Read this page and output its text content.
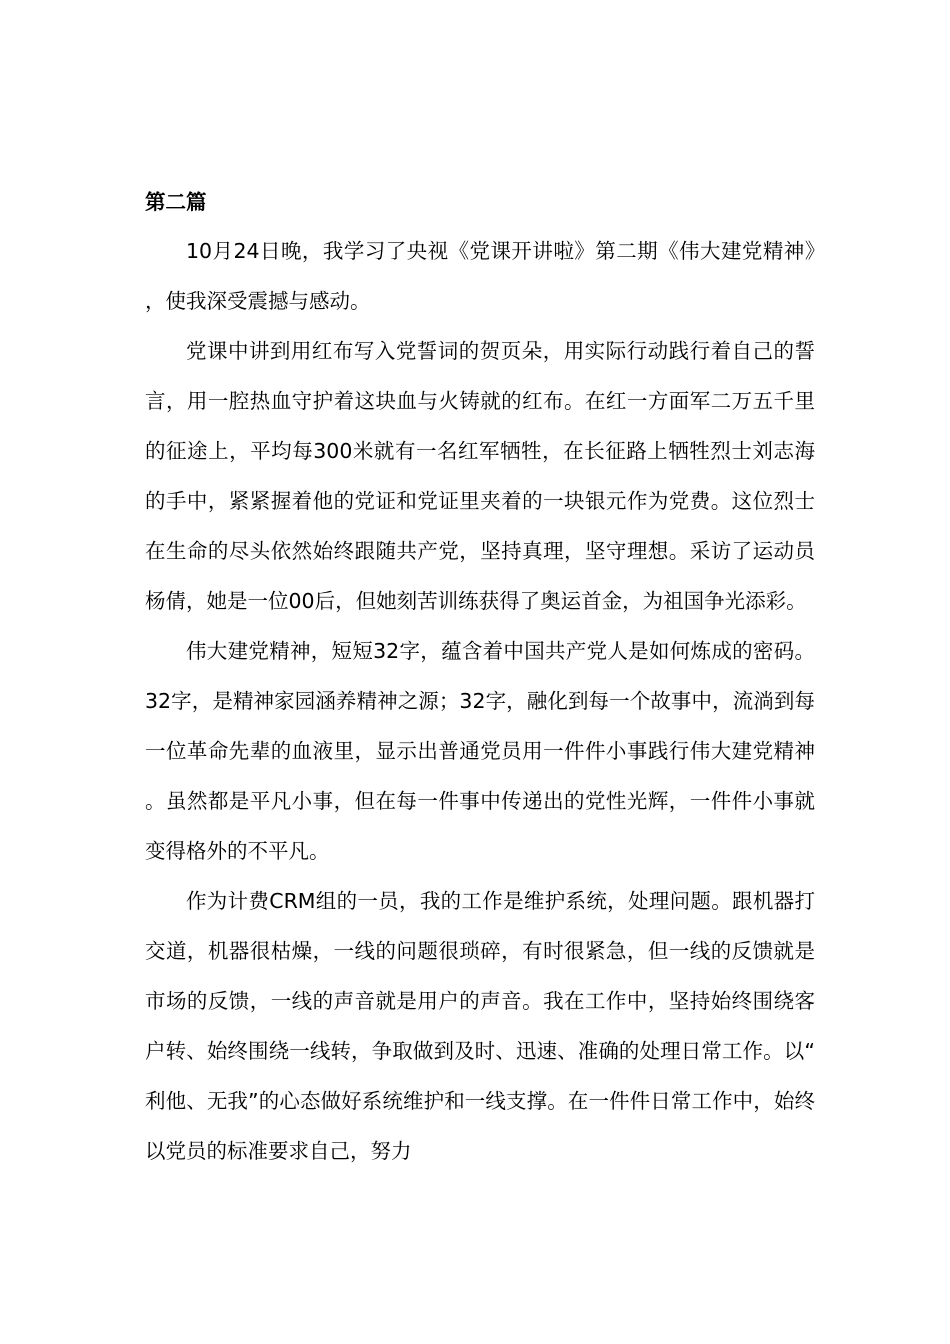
第二篇

10月24日晚，我学习了央视《党课开讲啦》第二期《伟大建党精神》，使我深受震撼与感动。

党课中讲到用红布写入党誓词的贺页朵，用实际行动践行着自己的誓言，用一腔热血守护着这块血与火铸就的红布。在红一方面军二万五千里的征途上，平均每300米就有一名红军牺牲，在长征路上牺牲烈士刘志海的手中，紧紧握着他的党证和党证里夹着的一块银元作为党费。这位烈士在生命的尽头依然始终跟随共产党，坚持真理，坚守理想。采访了运动员杨倩，她是一位00后，但她刻苦训练获得了奥运首金，为祖国争光添彩。

伟大建党精神，短短32字，蕴含着中国共产党人是如何炼成的密码。32字，是精神家园涵养精神之源；32字，融化到每一个故事中，流淌到每一位革命先辈的血液里，显示出普通党员用一件件小事践行伟大建党精神。虽然都是平凡小事，但在每一件事中传递出的党性光辉，一件件小事就变得格外的不平凡。

作为计费CRM组的一员，我的工作是维护系统，处理问题。跟机器打交道，机器很枯燥，一线的问题很琐碎，有时很紧急，但一线的反馈就是市场的反馈，一线的声音就是用户的声音。我在工作中，坚持始终围绕客户转、始终围绕一线转，争取做到及时、迅速、准确的处理日常工作。以“利他、无我”的心态做好系统维护和一线支撑。在一件件日常工作中，始终以党员的标准要求自己，努力
